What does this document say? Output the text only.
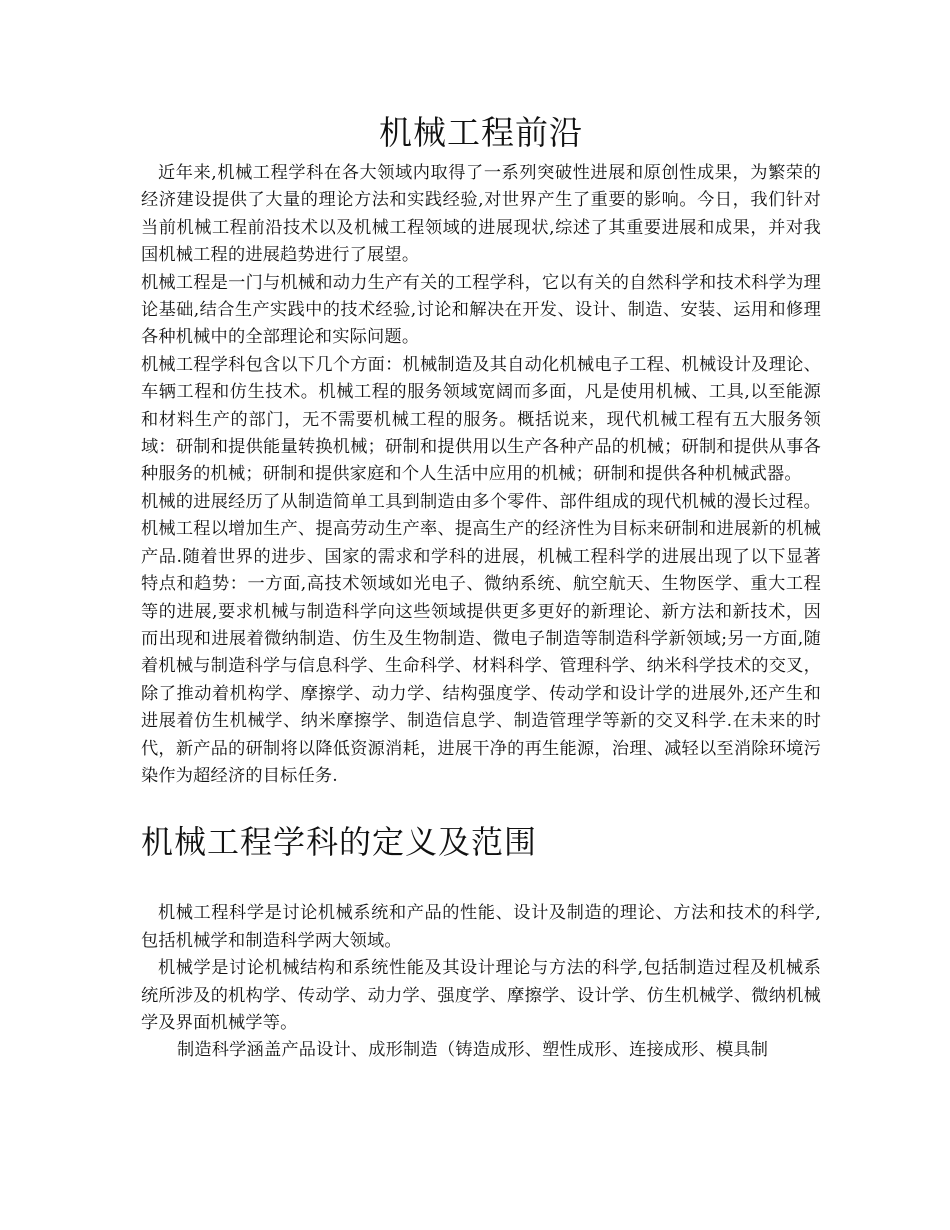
机械工程前沿

近年来,机械工程学科在各大领域内取得了一系列突破性进展和原创性成果，为繁荣的经济建设提供了大量的理论方法和实践经验,对世界产生了重要的影响。今日，我们针对当前机械工程前沿技术以及机械工程领域的进展现状,综述了其重要进展和成果，并对我国机械工程的进展趋势进行了展望。

机械工程是一门与机械和动力生产有关的工程学科，它以有关的自然科学和技术科学为理论基础,结合生产实践中的技术经验,讨论和解决在开发、设计、制造、安装、运用和修理各种机械中的全部理论和实际问题。

机械工程学科包含以下几个方面：机械制造及其自动化机械电子工程、机械设计及理论、车辆工程和仿生技术。机械工程的服务领域宽阔而多面，凡是使用机械、工具,以至能源和材料生产的部门，无不需要机械工程的服务。概括说来，现代机械工程有五大服务领域：研制和提供能量转换机械；研制和提供用以生产各种产品的机械；研制和提供从事各种服务的机械；研制和提供家庭和个人生活中应用的机械；研制和提供各种机械武器。

机械的进展经历了从制造简单工具到制造由多个零件、部件组成的现代机械的漫长过程。机械工程以增加生产、提高劳动生产率、提高生产的经济性为目标来研制和进展新的机械产品.随着世界的进步、国家的需求和学科的进展，机械工程科学的进展出现了以下显著特点和趋势：一方面,高技术领域如光电子、微纳系统、航空航天、生物医学、重大工程等的进展,要求机械与制造科学向这些领域提供更多更好的新理论、新方法和新技术，因而出现和进展着微纳制造、仿生及生物制造、微电子制造等制造科学新领域;另一方面,随着机械与制造科学与信息科学、生命科学、材料科学、管理科学、纳米科学技术的交叉，除了推动着机构学、摩擦学、动力学、结构强度学、传动学和设计学的进展外,还产生和进展着仿生机械学、纳米摩擦学、制造信息学、制造管理学等新的交叉科学.在未来的时代，新产品的研制将以降低资源消耗，进展干净的再生能源，治理、减轻以至消除环境污染作为超经济的目标任务.

机械工程学科的定义及范围

机械工程科学是讨论机械系统和产品的性能、设计及制造的理论、方法和技术的科学,包括机械学和制造科学两大领域。

机械学是讨论机械结构和系统性能及其设计理论与方法的科学,包括制造过程及机械系统所涉及的机构学、传动学、动力学、强度学、摩擦学、设计学、仿生机械学、微纳机械学及界面机械学等。

制造科学涵盖产品设计、成形制造（铸造成形、塑性成形、连接成形、模具制
